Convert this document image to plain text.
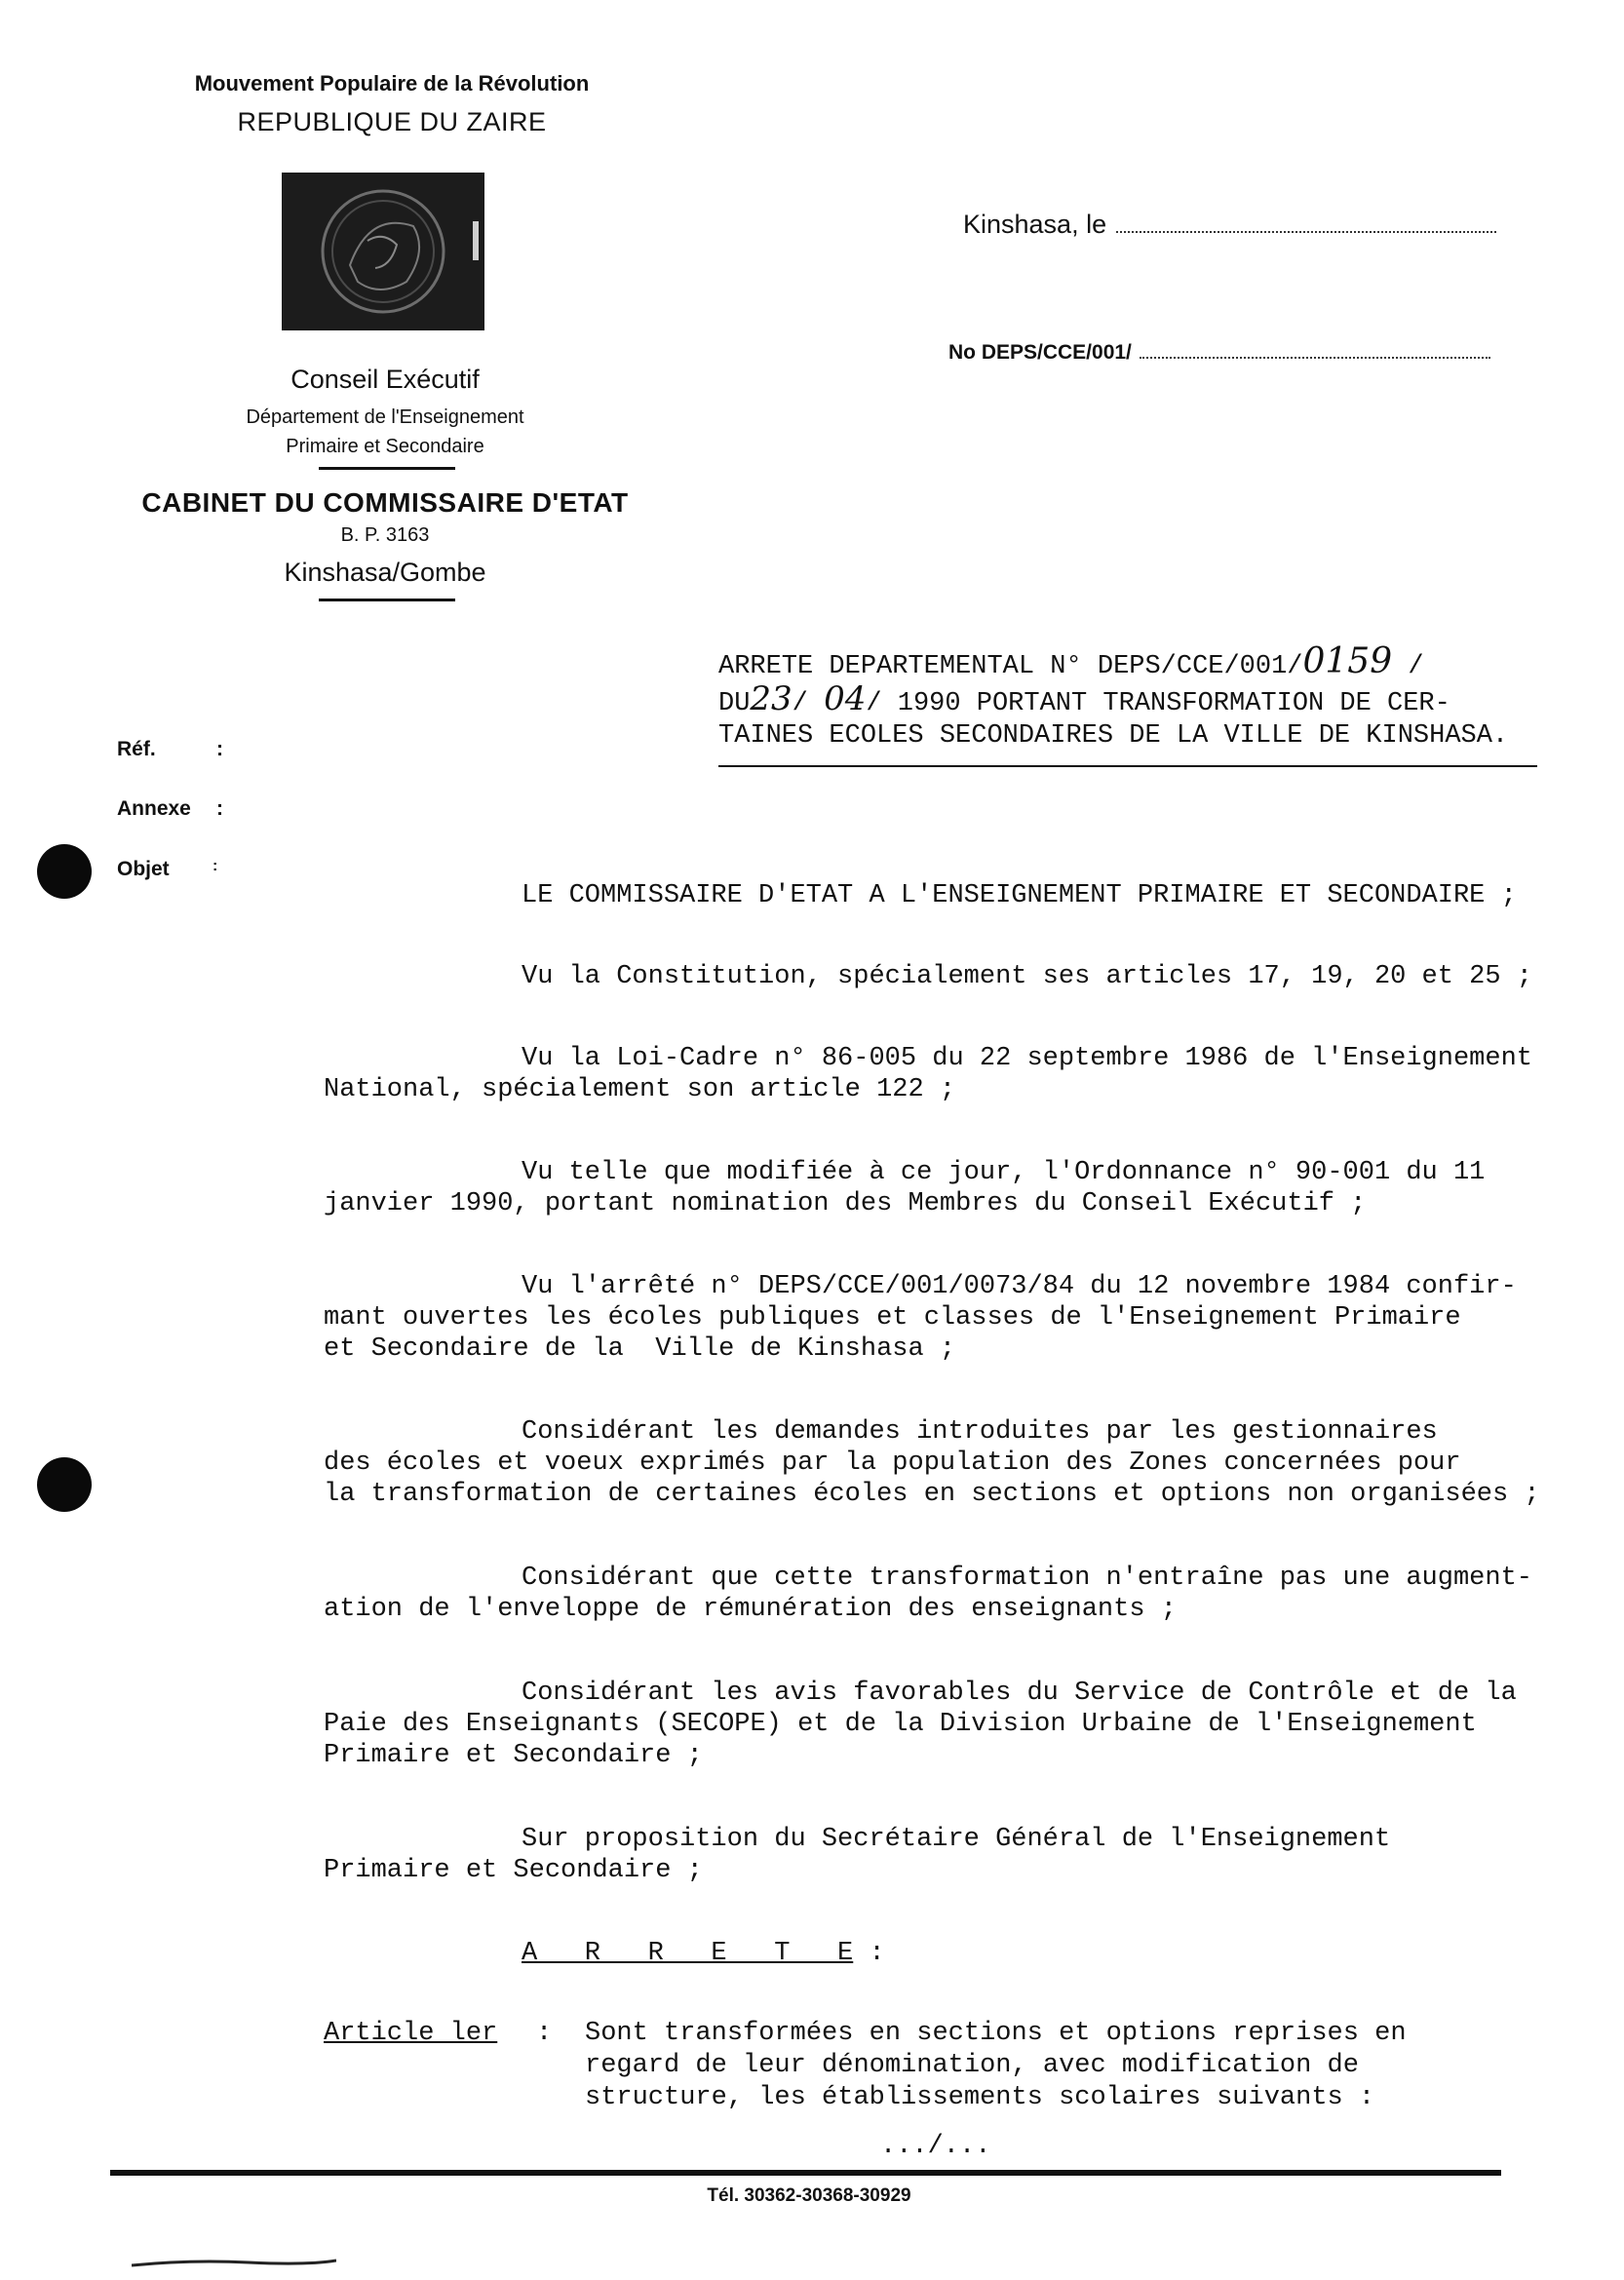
Mouvement Populaire de la Révolution
REPUBLIQUE DU ZAIRE
Conseil Exécutif
Département de l'Enseignement
Primaire et Secondaire
CABINET DU COMMISSAIRE D'ETAT
B. P. 3163
Kinshasa/Gombe
Kinshasa, le
No DEPS/CCE/001/
ARRETE DEPARTEMENTAL N° DEPS/CCE/001/0159 /
DU23/ 04/ 1990 PORTANT TRANSFORMATION DE CER-
TAINES ECOLES SECONDAIRES DE LA VILLE DE KINSHASA.
Réf.	:
Annexe :
Objet	:
LE COMMISSAIRE D'ETAT A L'ENSEIGNEMENT PRIMAIRE ET SECONDAIRE ;
Vu la Constitution, spécialement ses articles 17, 19, 20 et 25 ;
Vu la Loi-Cadre n° 86-005 du 22 septembre 1986 de l'Enseignement
National, spécialement son article 122 ;
Vu telle que modifiée à ce jour, l'Ordonnance n° 90-001 du 11
janvier 1990, portant nomination des Membres du Conseil Exécutif ;
Vu l'arrêté n° DEPS/CCE/001/0073/84 du 12 novembre 1984 confir-
mant ouvertes les écoles publiques et classes de l'Enseignement Primaire
et Secondaire de la  Ville de Kinshasa ;
Considérant les demandes introduites par les gestionnaires
des écoles et voeux exprimés par la population des Zones concernées pour
la transformation de certaines écoles en sections et options non organisées ;
Considérant que cette transformation n'entraîne pas une augment-
ation de l'enveloppe de rémunération des enseignants ;
Considérant les avis favorables du Service de Contrôle et de la
Paie des Enseignants (SECOPE) et de la Division Urbaine de l'Enseignement
Primaire et Secondaire ;
Sur proposition du Secrétaire Général de l'Enseignement
Primaire et Secondaire ;
A   R   R   E   T   E :
Article ler : Sont transformées en sections et options reprises en
regard de leur dénomination, avec modification de
structure, les établissements scolaires suivants :
.../...
Tél. 30362-30368-30929
